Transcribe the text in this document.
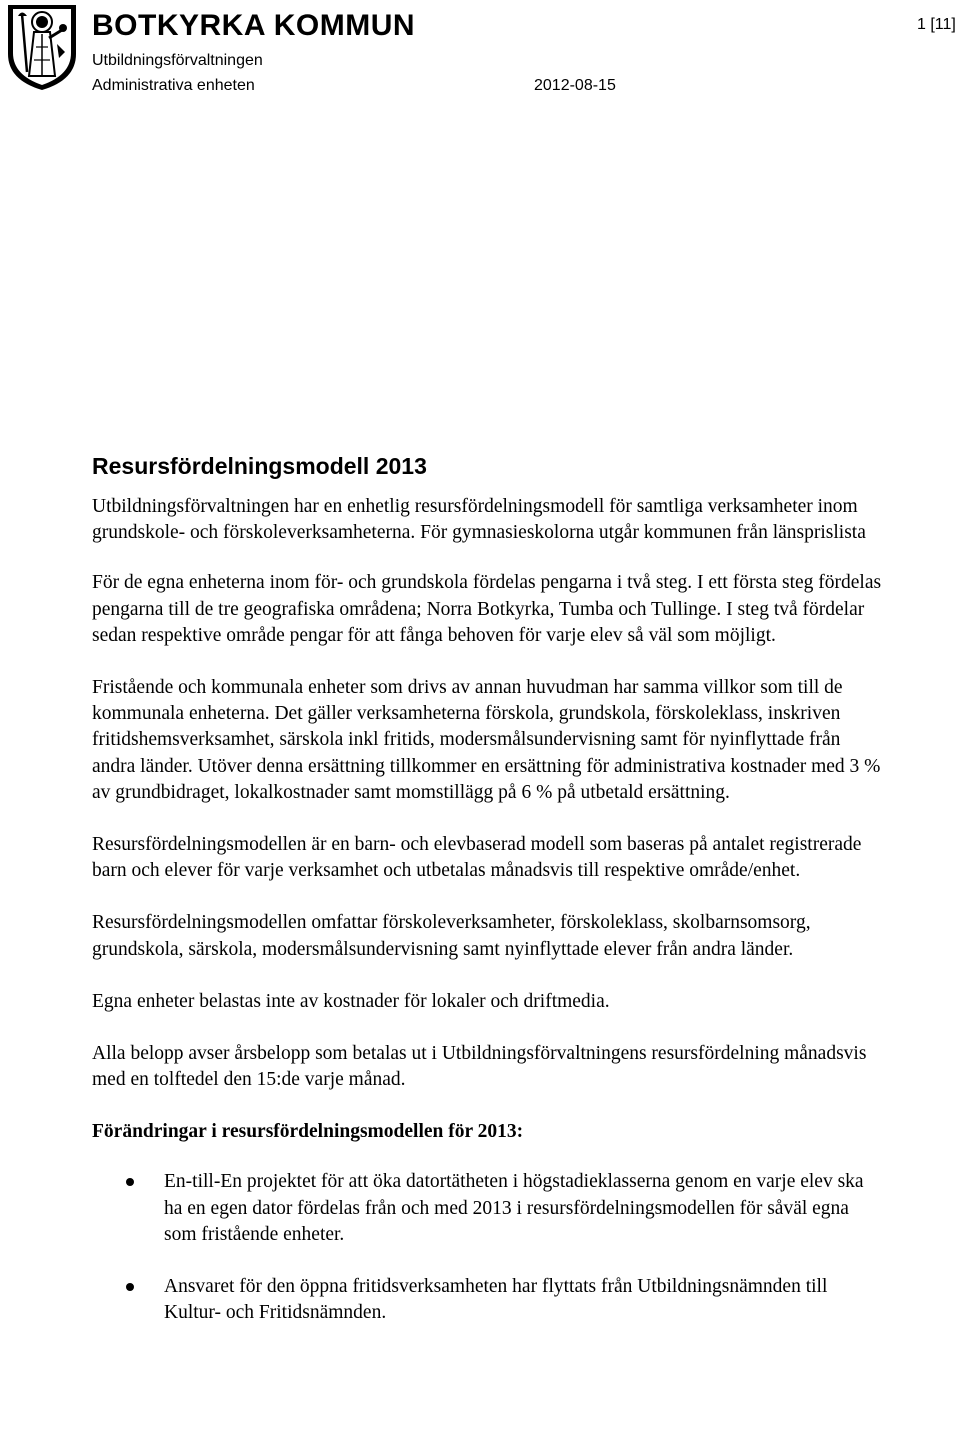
BOTKYRKA KOMMUN

Utbildningsförvaltningen

Administrativa enheten	2012-08-15

1 [11]

Resursfördelningsmodell 2013

Utbildningsförvaltningen har en enhetlig resursfördelningsmodell för samtliga verksamheter inom grundskole- och förskoleverksamheterna. För gymnasieskolorna utgår kommunen från länsprislista

För de egna enheterna inom för- och grundskola fördelas pengarna i två steg. I ett första steg fördelas pengarna till de tre geografiska områdena; Norra Botkyrka, Tumba och Tullinge. I steg två fördelar sedan respektive område pengar för att fånga behoven för varje elev så väl som möjligt.

Fristående och kommunala enheter som drivs av annan huvudman har samma villkor som till de kommunala enheterna. Det gäller verksamheterna förskola, grundskola, förskoleklass, inskriven fritidshemsverksamhet, särskola inkl fritids, modersmålsundervisning samt för nyinflyttade från andra länder. Utöver denna ersättning tillkommer en ersättning för administrativa kostnader med 3 % av grundbidraget, lokalkostnader samt momstillägg på 6 % på utbetald ersättning.

Resursfördelningsmodellen är en barn- och elevbaserad modell som baseras på antalet registrerade barn och elever för varje verksamhet och utbetalas månadsvis till respektive område/enhet.

Resursfördelningsmodellen omfattar förskoleverksamheter, förskoleklass, skolbarnsomsorg, grundskola, särskola, modersmålsundervisning samt nyinflyttade elever från andra länder.

Egna enheter belastas inte av kostnader för lokaler och driftmedia.

Alla belopp avser årsbelopp som betalas ut i Utbildningsförvaltningens resursfördelning månadsvis med en tolftedel den 15:de varje månad.

Förändringar i resursfördelningsmodellen för 2013:

En-till-En projektet för att öka datortätheten i högstadieklasserna genom en varje elev ska ha en egen dator fördelas från och med 2013 i resursfördelningsmodellen för såväl egna som fristående enheter.
Ansvaret för den öppna fritidsverksamheten har flyttats från Utbildningsnämnden till Kultur- och Fritidsnämnden.
